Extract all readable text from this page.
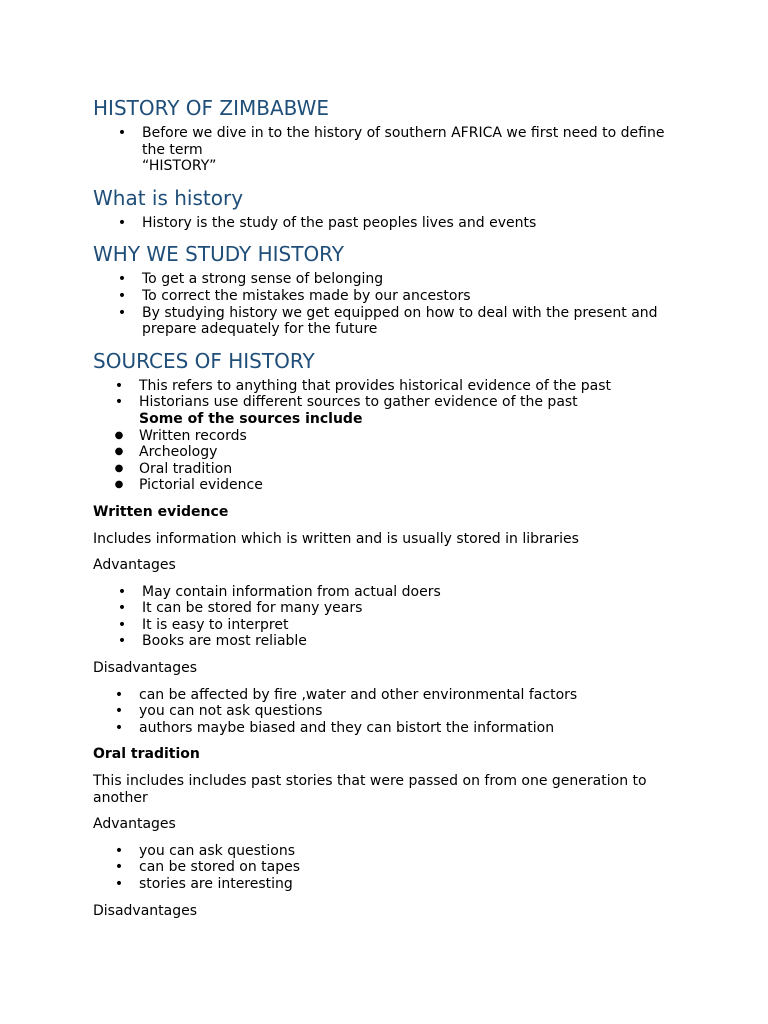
HISTORY OF ZIMBABWE
• Before we dive in to the history of southern AFRICA we first need to define the term
“HISTORY”
What is history
• History is the study of the past peoples lives and events
WHY WE STUDY HISTORY
• To get a strong sense of belonging
• To correct the mistakes made by our ancestors
• By studying history we get equipped on how to deal with the present and prepare adequately for the future
SOURCES OF HISTORY
• This refers to anything that provides historical evidence of the past
• Historians use different sources to gather evidence of the past
Some of the sources include
● Written records
● Archeology
● Oral tradition
● Pictorial evidence

Written evidence

Includes information which is written and is usually stored in libraries

Advantages

• May contain information from actual doers
• It can be stored for many years
• It is easy to interpret
• Books are most reliable

Disadvantages

• can be affected by fire ,water and other environmental factors
• you can not ask questions
• authors maybe biased and they can bistort the information

Oral tradition

This includes includes past stories that were passed on from one generation to another

Advantages

• you can ask questions
• can be stored on tapes
• stories are interesting

Disadvantages
